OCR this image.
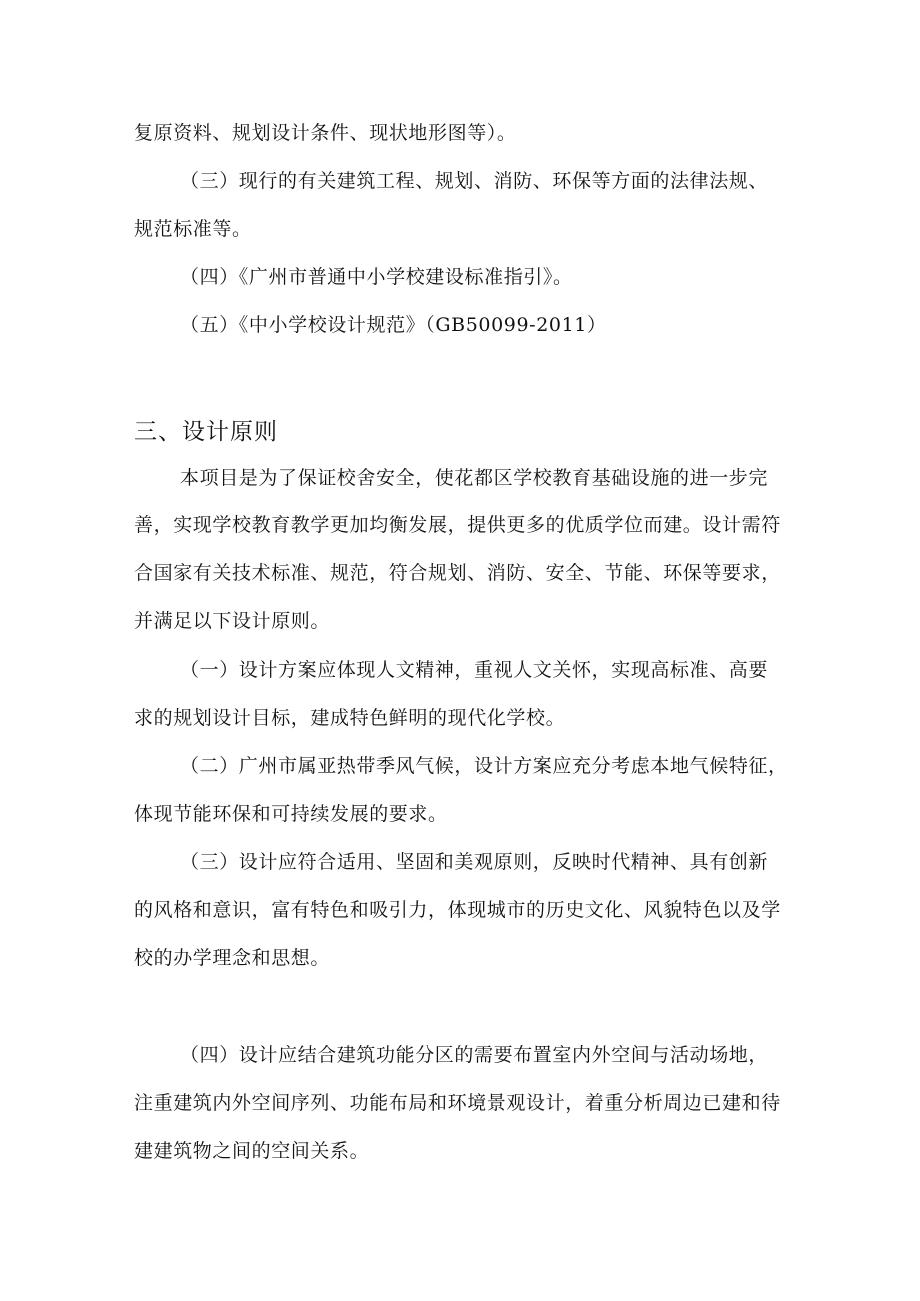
复原资料、规划设计条件、现状地形图等）。
（三）现行的有关建筑工程、规划、消防、环保等方面的法律法规、
规范标准等。
（四）《广州市普通中小学校建设标准指引》。
（五）《中小学校设计规范》（GB50099-2011）
三、设计原则
本项目是为了保证校舍安全，使花都区学校教育基础设施的进一步完
善，实现学校教育教学更加均衡发展，提供更多的优质学位而建。设计需符
合国家有关技术标准、规范，符合规划、消防、安全、节能、环保等要求，
并满足以下设计原则。
（一）设计方案应体现人文精神，重视人文关怀，实现高标准、高要
求的规划设计目标，建成特色鲜明的现代化学校。
（二）广州市属亚热带季风气候，设计方案应充分考虑本地气候特征，
体现节能环保和可持续发展的要求。
（三）设计应符合适用、坚固和美观原则，反映时代精神、具有创新
的风格和意识，富有特色和吸引力，体现城市的历史文化、风貌特色以及学
校的办学理念和思想。
（四）设计应结合建筑功能分区的需要布置室内外空间与活动场地，
注重建筑内外空间序列、功能布局和环境景观设计，着重分析周边已建和待
建建筑物之间的空间关系。
